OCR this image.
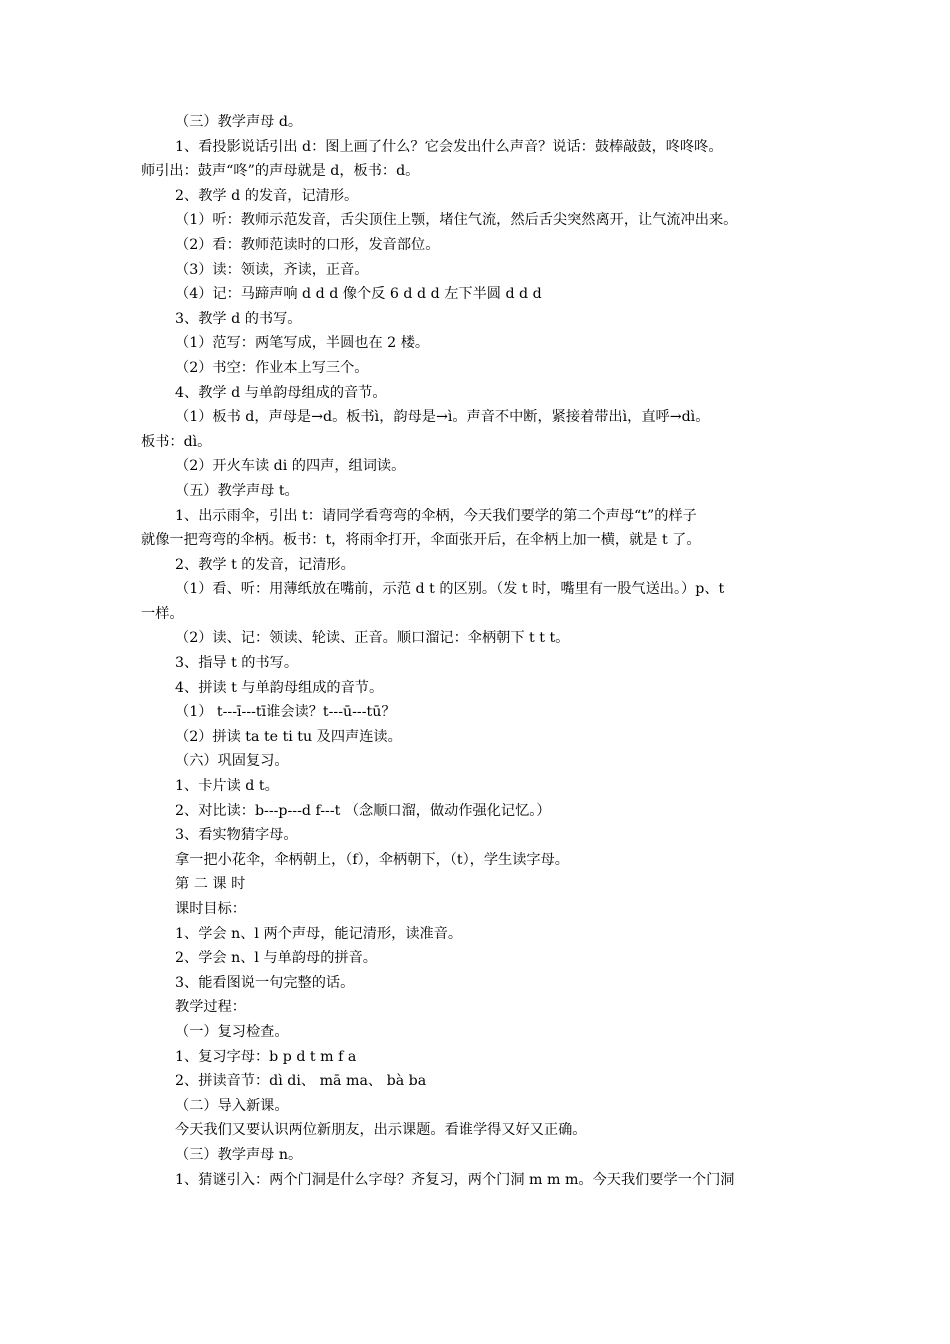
（三）教学声母 d。
1、看投影说话引出 d：图上画了什么？它会发出什么声音？说话：鼓棒敲鼓，咚咚咚。
师引出：鼓声“咚”的声母就是 d，板书：d。
2、教学 d 的发音，记清形。
（1）听：教师示范发音，舌尖顶住上颚，堵住气流，然后舌尖突然离开，让气流冲出来。
（2）看：教师范读时的口形，发音部位。
（3）读：领读，齐读，正音。
（4）记：马蹄声响 d d d 像个反 6 d d d 左下半圆 d d d
3、教学 d 的书写。
（1）范写：两笔写成，半圆也在 2 楼。
（2）书空：作业本上写三个。
4、教学 d 与单韵母组成的音节。
（1）板书 d，声母是→d。板书ì，韵母是→ì。声音不中断，紧接着带出ì，直呼→dì。
板书：dì。
（2）开火车读 di 的四声，组词读。
（五）教学声母 t。
1、出示雨伞，引出 t：请同学看弯弯的伞柄，今天我们要学的第二个声母“t”的样子
就像一把弯弯的伞柄。板书：t，将雨伞打开，伞面张开后，在伞柄上加一横，就是 t 了。
2、教学 t 的发音，记清形。
（1）看、听：用薄纸放在嘴前，示范 d t 的区别。（发 t 时，嘴里有一股气送出。）p、t
一样。
（2）读、记：领读、轮读、正音。顺口溜记：伞柄朝下 t t t。
3、指导 t 的书写。
4、拼读 t 与单韵母组成的音节。
（1） t---ī---tī谁会读？t---ū---tū？
（2）拼读 ta te ti tu 及四声连读。
（六）巩固复习。
1、卡片读 d t。
2、对比读：b---p---d f---t （念顺口溜，做动作强化记忆。）
3、看实物猜字母。
拿一把小花伞，伞柄朝上，（f），伞柄朝下，（t），学生读字母。
第 二 课 时
课时目标：
1、学会 n、l 两个声母，能记清形，读准音。
2、学会 n、l 与单韵母的拼音。
3、能看图说一句完整的话。
教学过程：
（一）复习检查。
1、复习字母：b p d t m f a
2、拼读音节：dì di、 mā ma、 bà ba
（二）导入新课。
今天我们又要认识两位新朋友，出示课题。看谁学得又好又正确。
（三）教学声母 n。
1、猜谜引入：两个门洞是什么字母？齐复习，两个门洞 m m m。今天我们要学一个门洞
